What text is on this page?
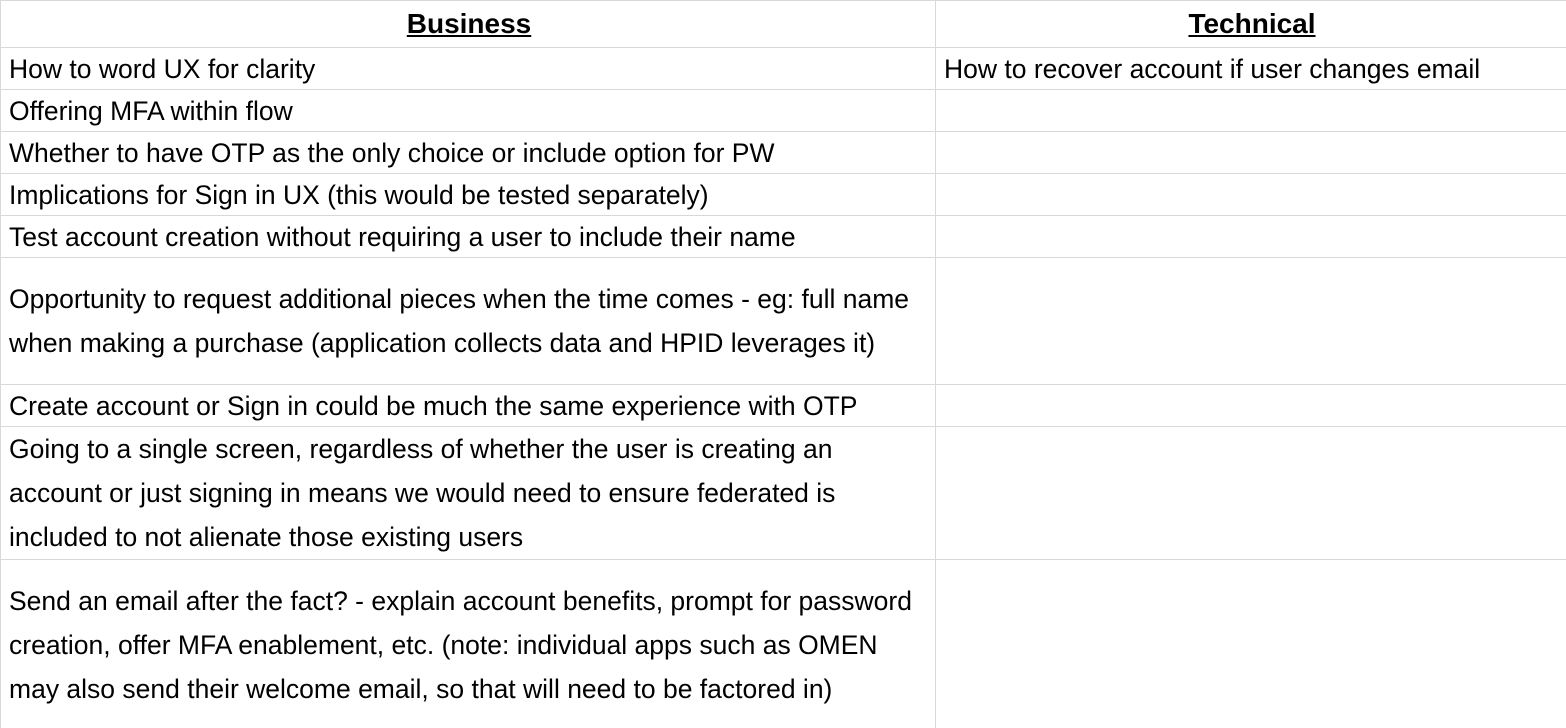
Business	Technical

How to word UX for clarity	How to recover account if user changes email

Offering MFA within flow	

Whether to have OTP as the only choice or include option for PW	

Implications for Sign in UX (this would be tested separately)	

Test account creation without requiring a user to include their name	

Opportunity to request additional pieces when the time comes - eg: full name when making a purchase (application collects data and HPID leverages it)	

Create account or Sign in could be much the same experience with OTP	

Going to a single screen, regardless of whether the user is creating an account or just signing in means we would need to ensure federated is included to not alienate those existing users	

Send an email after the fact? - explain account benefits, prompt for password creation, offer MFA enablement, etc. (note: individual apps such as OMEN may also send their welcome email, so that will need to be factored in)	
